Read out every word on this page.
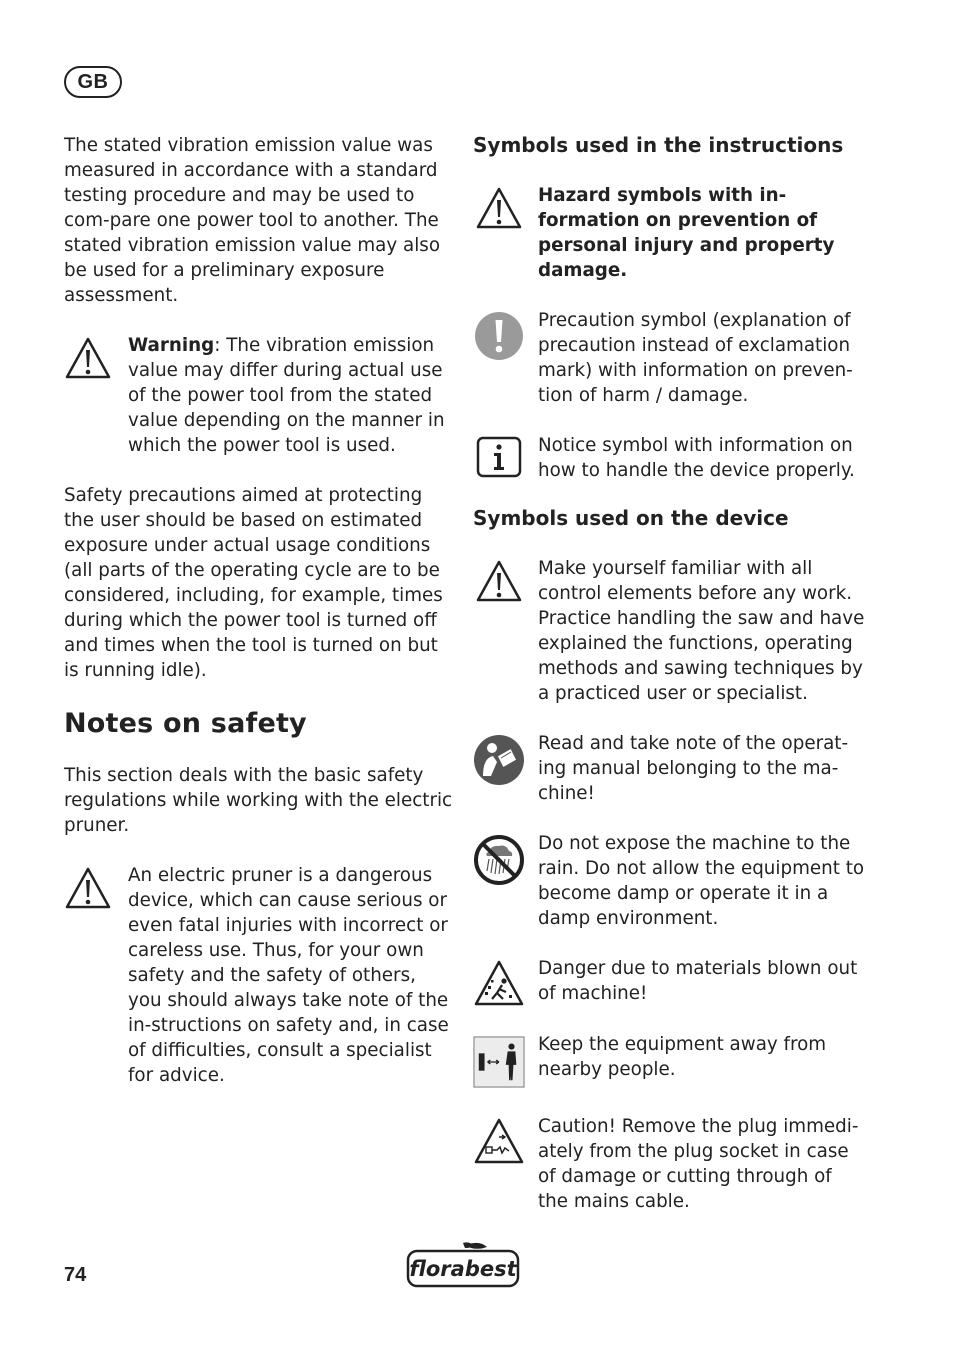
GB

The stated vibration emission value was measured in accordance with a standard testing procedure and may be used to com-pare one power tool to another. The stated vibration emission value may also be used for a preliminary exposure assessment.

Warning: The vibration emission value may differ during actual use of the power tool from the stated value depending on the manner in which the power tool is used.

Safety precautions aimed at protecting the user should be based on estimated exposure under actual usage conditions (all parts of the operating cycle are to be considered, including, for example, times during which the power tool is turned off and times when the tool is turned on but is running idle).

Notes on safety

This section deals with the basic safety regulations while working with the electric pruner.

An electric pruner is a dangerous device, which can cause serious or even fatal injuries with incorrect or careless use. Thus, for your own safety and the safety of others, you should always take note of the in-structions on safety and, in case of difficulties, consult a specialist for advice.

Symbols used in the instructions

Hazard symbols with in-formation on prevention of personal injury and property damage.

Precaution symbol (explanation of precaution instead of exclamation mark) with information on preven-tion of harm / damage.

Notice symbol with information on how to handle the device properly.

Symbols used on the device

Make yourself familiar with all control elements before any work. Practice handling the saw and have explained the functions, operating methods and sawing techniques by a practiced user or specialist.

Read and take note of the operat-ing manual belonging to the ma-chine!

Do not expose the machine to the rain. Do not allow the equipment to become damp or operate it in a damp environment.

Danger due to materials blown out of machine!

Keep the equipment away from nearby people.

Caution! Remove the plug immedi-ately from the plug socket in case of damage or cutting through of the mains cable.

74	florabest
